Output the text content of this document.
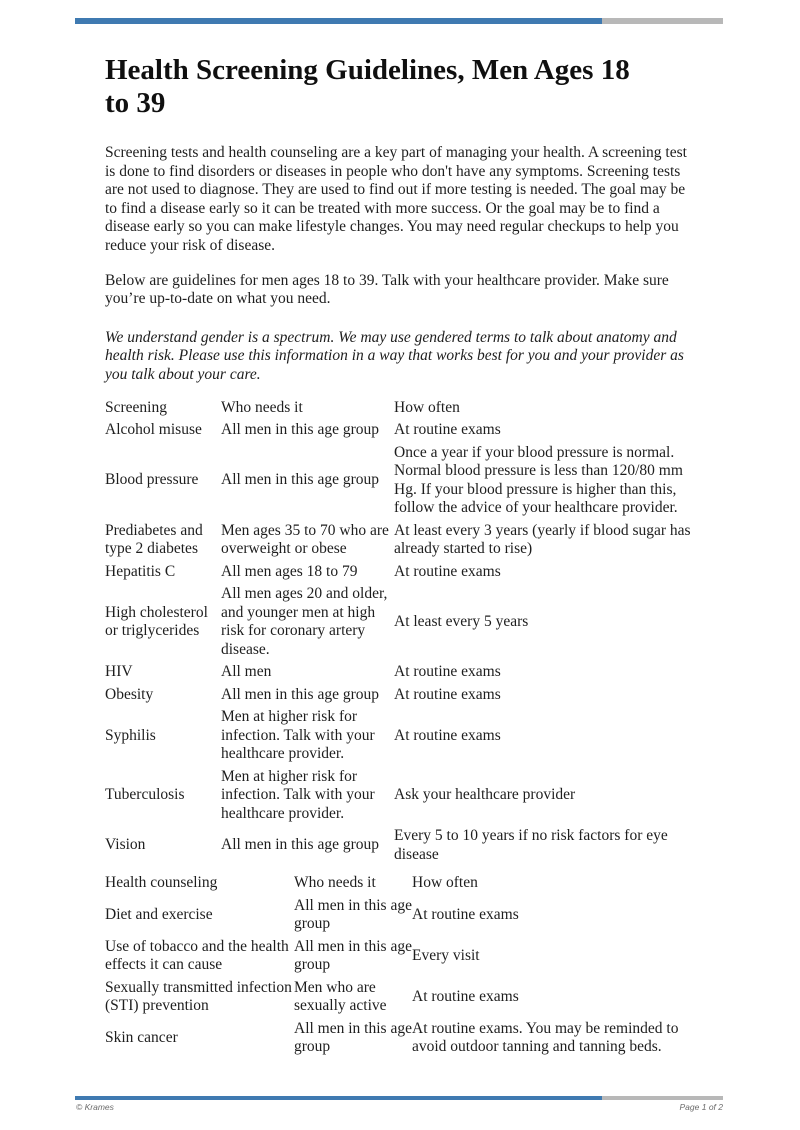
Health Screening Guidelines, Men Ages 18
to 39

Screening tests and health counseling are a key part of managing your health. A screening test is done to find disorders or diseases in people who don't have any symptoms. Screening tests are not used to diagnose. They are used to find out if more testing is needed. The goal may be to find a disease early so it can be treated with more success. Or the goal may be to find a disease early so you can make lifestyle changes. You may need regular checkups to help you reduce your risk of disease.

Below are guidelines for men ages 18 to 39. Talk with your healthcare provider. Make sure you’re up-to-date on what you need.

We understand gender is a spectrum. We may use gendered terms to talk about anatomy and health risk. Please use this information in a way that works best for you and your provider as you talk about your care.

Screening	Who needs it	How often
Alcohol misuse	All men in this age group	At routine exams
Blood pressure	All men in this age group	Once a year if your blood pressure is normal. Normal blood pressure is less than 120/80 mm Hg. If your blood pressure is higher than this, follow the advice of your healthcare provider.
Prediabetes and type 2 diabetes	Men ages 35 to 70 who are overweight or obese	At least every 3 years (yearly if blood sugar has already started to rise)
Hepatitis C	All men ages 18 to 79	At routine exams
High cholesterol or triglycerides	All men ages 20 and older, and younger men at high risk for coronary artery disease.	At least every 5 years
HIV	All men	At routine exams
Obesity	All men in this age group	At routine exams
Syphilis	Men at higher risk for infection. Talk with your healthcare provider.	At routine exams
Tuberculosis	Men at higher risk for infection. Talk with your healthcare provider.	Ask your healthcare provider
Vision	All men in this age group	Every 5 to 10 years if no risk factors for eye disease
Health counseling	Who needs it	How often
Diet and exercise	All men in this age group	At routine exams
Use of tobacco and the health effects it can cause	All men in this age group	Every visit
Sexually transmitted infection (STI) prevention	Men who are sexually active	At routine exams
Skin cancer	All men in this age group	At routine exams. You may be reminded to avoid outdoor tanning and tanning beds.
© Krames	Page 1 of 2
